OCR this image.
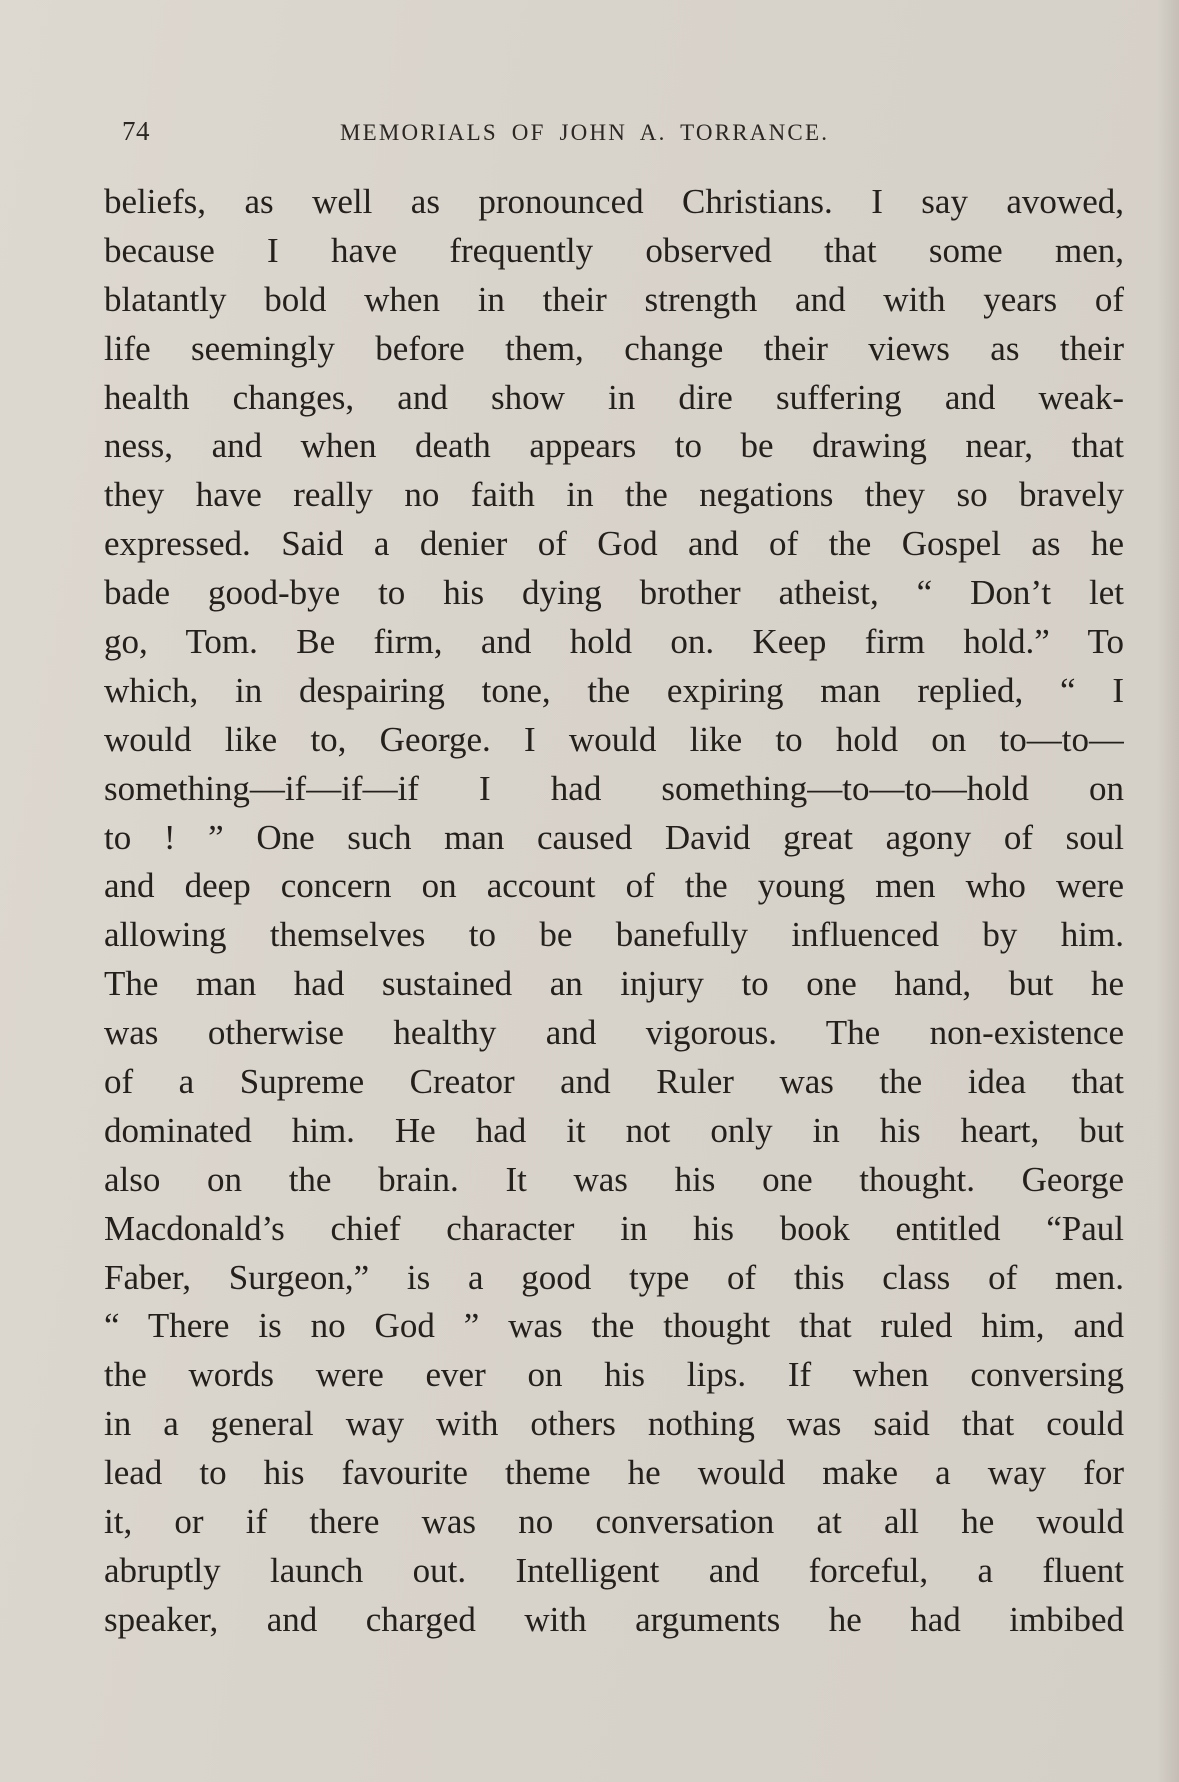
74	MEMORIALS OF JOHN A. TORRANCE.
beliefs, as well as pronounced Christians. I say avowed,
because I have frequently observed that some men,
blatantly bold when in their strength and with years of
life seemingly before them, change their views as their
health changes, and show in dire suffering and weak-
ness, and when death appears to be drawing near, that
they have really no faith in the negations they so bravely
expressed. Said a denier of God and of the Gospel as he
bade good-bye to his dying brother atheist, “ Don’t let
go, Tom. Be firm, and hold on. Keep firm hold.” To
which, in despairing tone, the expiring man replied, “ I
would like to, George. I would like to hold on to—to—
something—if—if—if I had something—to—to—hold on
to ! ” One such man caused David great agony of soul
and deep concern on account of the young men who were
allowing themselves to be banefully influenced by him.
The man had sustained an injury to one hand, but he
was otherwise healthy and vigorous. The non-existence
of a Supreme Creator and Ruler was the idea that
dominated him. He had it not only in his heart, but
also on the brain. It was his one thought. George
Macdonald’s chief character in his book entitled “Paul
Faber, Surgeon,” is a good type of this class of men.
“ There is no God ” was the thought that ruled him, and
the words were ever on his lips. If when conversing
in a general way with others nothing was said that could
lead to his favourite theme he would make a way for
it, or if there was no conversation at all he would
abruptly launch out. Intelligent and forceful, a fluent
speaker, and charged with arguments he had imbibed
